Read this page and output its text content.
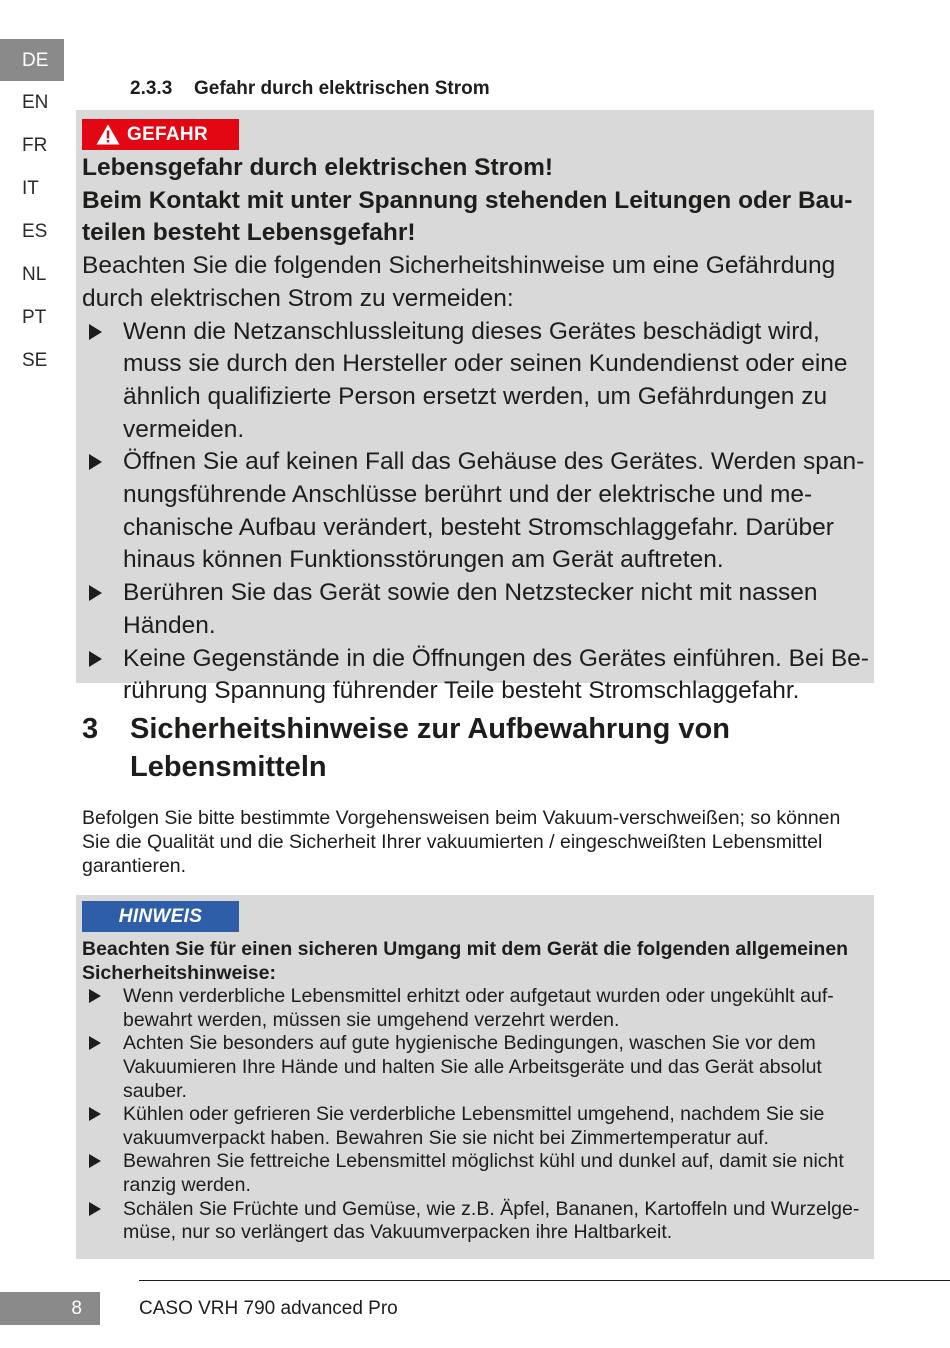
DE
EN
FR
IT
ES
NL
PT
SE
2.3.3 Gefahr durch elektrischen Strom
GEFAHR
Lebensgefahr durch elektrischen Strom!
Beim Kontakt mit unter Spannung stehenden Leitungen oder Bauteilen besteht Lebensgefahr!
Beachten Sie die folgenden Sicherheitshinweise um eine Gefährdung durch elektrischen Strom zu vermeiden:
Wenn die Netzanschlussleitung dieses Gerätes beschädigt wird, muss sie durch den Hersteller oder seinen Kundendienst oder eine ähnlich qualifizierte Person ersetzt werden, um Gefährdungen zu vermeiden.
Öffnen Sie auf keinen Fall das Gehäuse des Gerätes. Werden spannungsführende Anschlüsse berührt und der elektrische und mechanische Aufbau verändert, besteht Stromschlaggefahr. Darüber hinaus können Funktionsstörungen am Gerät auftreten.
Berühren Sie das Gerät sowie den Netzstecker nicht mit nassen Händen.
Keine Gegenstände in die Öffnungen des Gerätes einführen. Bei Berührung Spannung führender Teile besteht Stromschlaggefahr.
3	Sicherheitshinweise zur Aufbewahrung von Lebensmitteln

Befolgen Sie bitte bestimmte Vorgehensweisen beim Vakuum-verschweißen; so können Sie die Qualität und die Sicherheit Ihrer vakuumierten / eingeschweißten Lebensmittel garantieren.

HINWEIS
Beachten Sie für einen sicheren Umgang mit dem Gerät die folgenden allgemeinen Sicherheitshinweise:
Wenn verderbliche Lebensmittel erhitzt oder aufgetaut wurden oder ungekühlt aufbewahrt werden, müssen sie umgehend verzehrt werden.
Achten Sie besonders auf gute hygienische Bedingungen, waschen Sie vor dem Vakuumieren Ihre Hände und halten Sie alle Arbeitsgeräte und das Gerät absolut sauber.
Kühlen oder gefrieren Sie verderbliche Lebensmittel umgehend, nachdem Sie sie vakuumverpackt haben. Bewahren Sie sie nicht bei Zimmertemperatur auf.
Bewahren Sie fettreiche Lebensmittel möglichst kühl und dunkel auf, damit sie nicht ranzig werden.
Schälen Sie Früchte und Gemüse, wie z.B. Äpfel, Bananen, Kartoffeln und Wurzelgemüse, nur so verlängert das Vakuumverpacken ihre Haltbarkeit.
8	CASO VRH 790 advanced Pro
